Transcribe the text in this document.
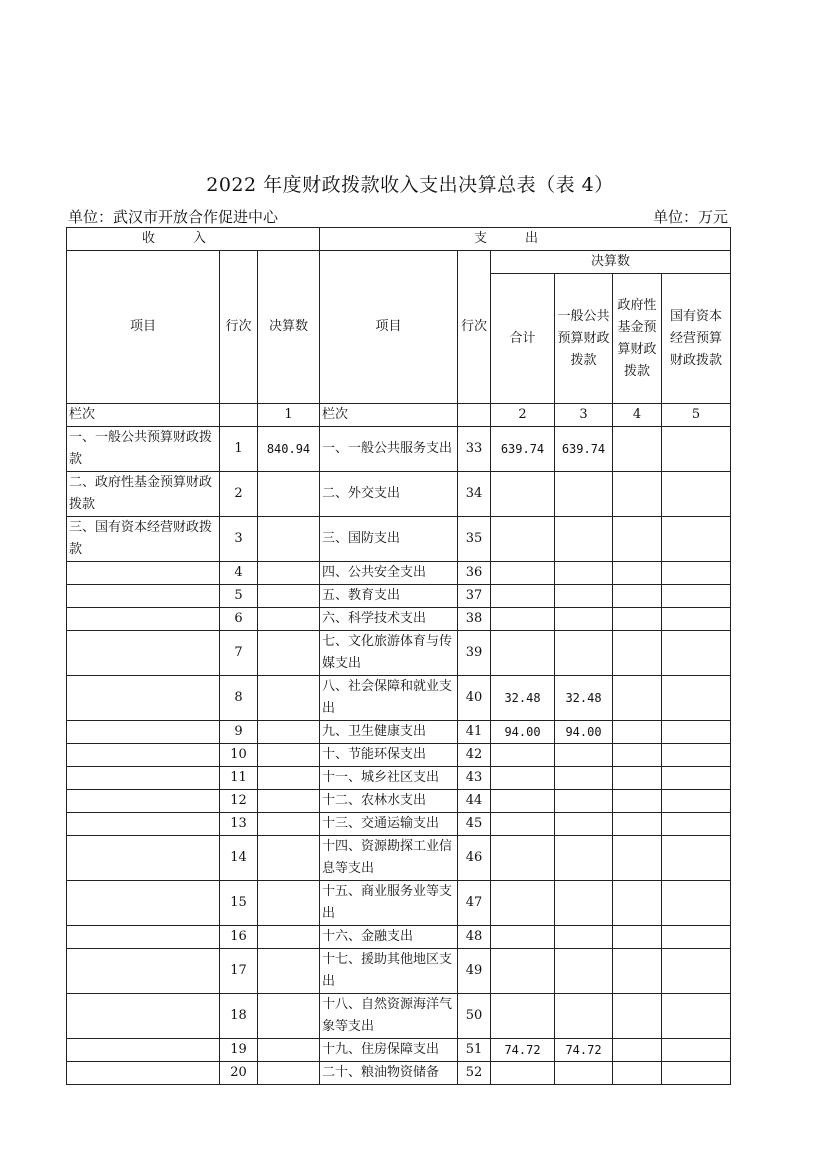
2022 年度财政拨款收入支出决算总表（表 4）
单位：武汉市开放合作促进中心	单位：万元
收入			支出					
项目	行次	决算数	项目	行次	决算数			
					合计	一般公共预算财政拨款	政府性基金预算财政拨款	国有资本经营预算财政拨款
栏次		1	栏次		2	3	4	5
一、一般公共预算财政拨款	1	840.94	一、一般公共服务支出	33	639.74	639.74		
二、政府性基金预算财政拨款	2		二、外交支出	34				
三、国有资本经营财政拨款	3		三、国防支出	35				
	4		四、公共安全支出	36				
	5		五、教育支出	37				
	6		六、科学技术支出	38				
	7		七、文化旅游体育与传媒支出	39				
	8		八、社会保障和就业支出	40	32.48	32.48		
	9		九、卫生健康支出	41	94.00	94.00		
	10		十、节能环保支出	42				
	11		十一、城乡社区支出	43				
	12		十二、农林水支出	44				
	13		十三、交通运输支出	45				
	14		十四、资源勘探工业信息等支出	46				
	15		十五、商业服务业等支出	47				
	16		十六、金融支出	48				
	17		十七、援助其他地区支出	49				
	18		十八、自然资源海洋气象等支出	50				
	19		十九、住房保障支出	51	74.72	74.72		
	20		二十、粮油物资储备	52				
